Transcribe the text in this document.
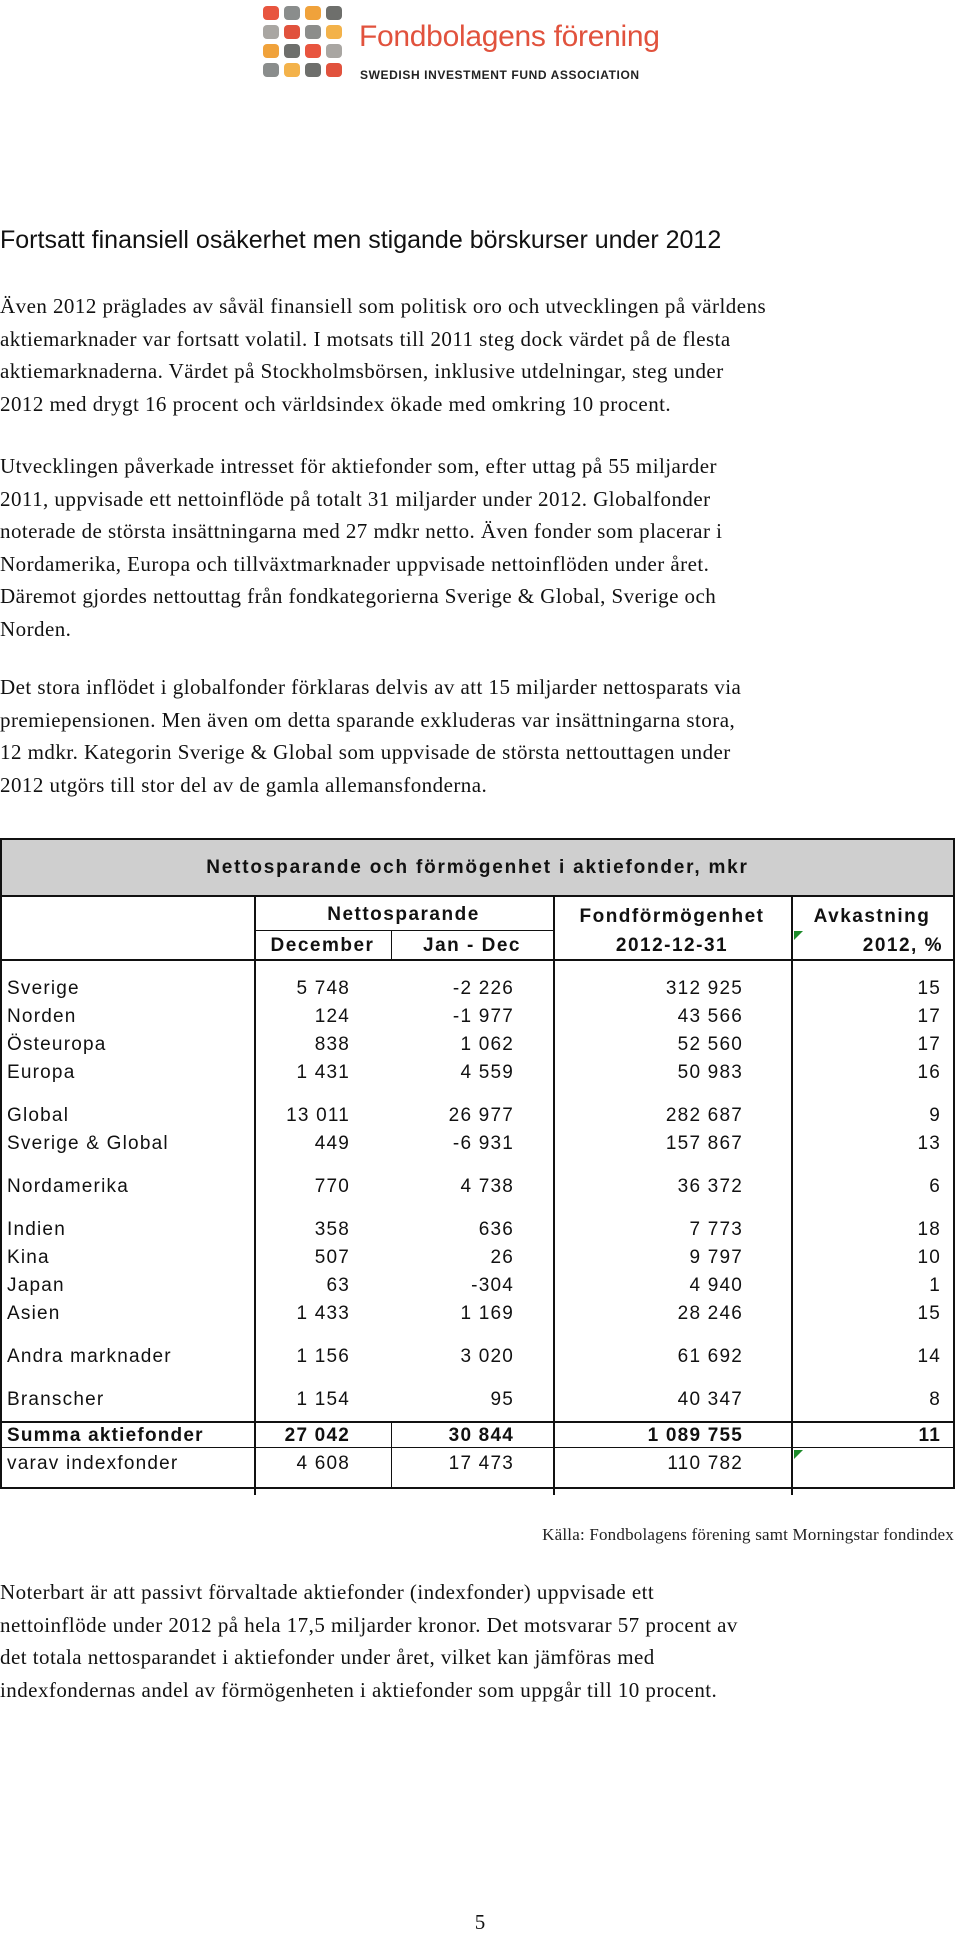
Fondbolagens förening
SWEDISH INVESTMENT FUND ASSOCIATION
Fortsatt finansiell osäkerhet men stigande börskurser under 2012

Även 2012 präglades av såväl finansiell som politisk oro och utvecklingen på världens
aktiemarknader var fortsatt volatil. I motsats till 2011 steg dock värdet på de flesta
aktiemarknaderna. Värdet på Stockholmsbörsen, inklusive utdelningar, steg under
2012 med drygt 16 procent och världsindex ökade med omkring 10 procent.

Utvecklingen påverkade intresset för aktiefonder som, efter uttag på 55 miljarder
2011, uppvisade ett nettoinflöde på totalt 31 miljarder under 2012. Globalfonder
noterade de största insättningarna med 27 mdkr netto. Även fonder som placerar i
Nordamerika, Europa och tillväxtmarknader uppvisade nettoinflöden under året.
Däremot gjordes nettouttag från fondkategorierna Sverige & Global, Sverige och
Norden.

Det stora inflödet i globalfonder förklaras delvis av att 15 miljarder nettosparats via
premiepensionen. Men även om detta sparande exkluderas var insättningarna stora,
12 mdkr. Kategorin Sverige & Global som uppvisade de största nettouttagen under
2012 utgörs till stor del av de gamla allemansfonderna.

Nettosparande och förmögenhet i aktiefonder, mkr
Nettosparande
December	Jan - Dec
Fondförmögenhet
2012-12-31
Avkastning
2012, %
Sverige	5 748	-2 226	312 925	15
Norden	124	-1 977	43 566	17
Östeuropa	838	1 062	52 560	17
Europa	1 431	4 559	50 983	16
Global	13 011	26 977	282 687	9
Sverige & Global	449	-6 931	157 867	13
Nordamerika	770	4 738	36 372	6
Indien	358	636	7 773	18
Kina	507	26	9 797	10
Japan	63	-304	4 940	1
Asien	1 433	1 169	28 246	15
Andra marknader	1 156	3 020	61 692	14
Branscher	1 154	95	40 347	8
Summa aktiefonder	27 042	30 844	1 089 755	11
varav indexfonder	4 608	17 473	110 782
Källa: Fondbolagens förening samt Morningstar fondindex

Noterbart är att passivt förvaltade aktiefonder (indexfonder) uppvisade ett
nettoinflöde under 2012 på hela 17,5 miljarder kronor. Det motsvarar 57 procent av
det totala nettosparandet i aktiefonder under året, vilket kan jämföras med
indexfondernas andel av förmögenheten i aktiefonder som uppgår till 10 procent.

5
